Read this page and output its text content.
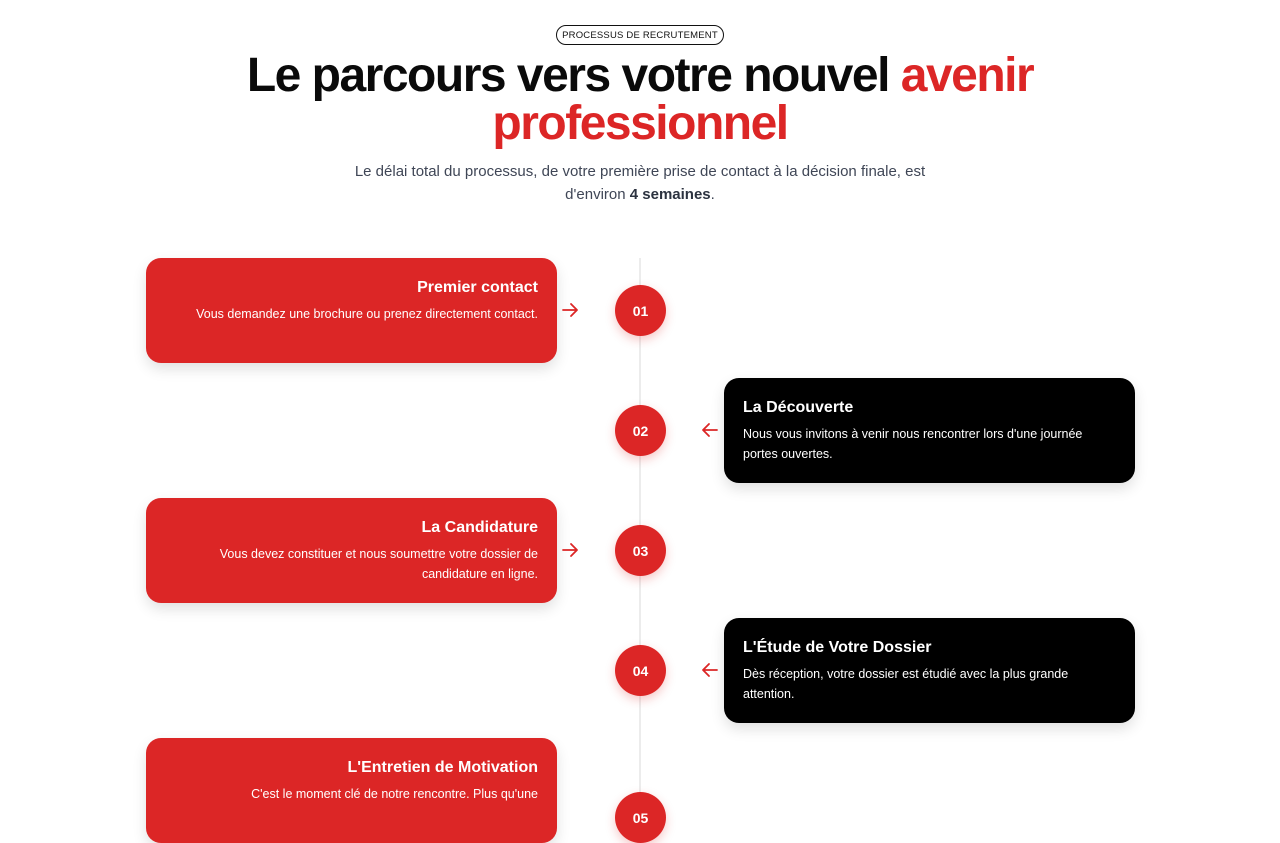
PROCESSUS DE RECRUTEMENT
Le parcours vers votre nouvel avenir professionnel

Le délai total du processus, de votre première prise de contact à la décision finale, est d'environ 4 semaines.

Premier contact

Vous demandez une brochure ou prenez directement contact.	01
02
La Découverte

Nous vous invitons à venir nous rencontrer lors d'une journée portes ouvertes.

La Candidature

Vous devez constituer et nous soumettre votre dossier de candidature en ligne.

03
04
L'Étude de Votre Dossier

Dès réception, votre dossier est étudié avec la plus grande attention.

L'Entretien de Motivation

C'est le moment clé de notre rencontre. Plus qu'une

05
